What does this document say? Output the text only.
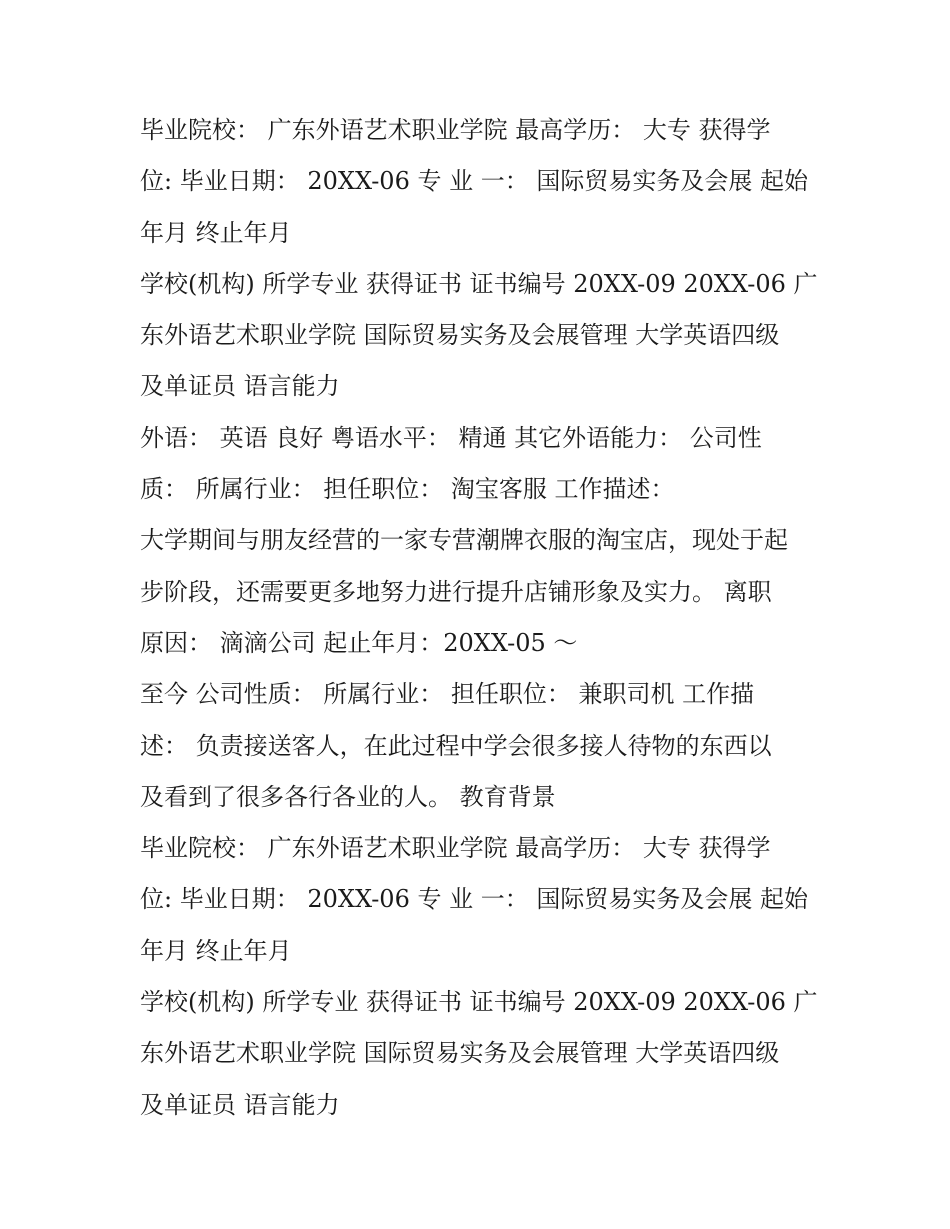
毕业院校： 广东外语艺术职业学院 最高学历： 大专 获得学
位: 毕业日期： 20XX-06 专 业 一： 国际贸易实务及会展 起始
年月 终止年月
学校(机构) 所学专业 获得证书 证书编号 20XX-09 20XX-06 广
东外语艺术职业学院 国际贸易实务及会展管理 大学英语四级
及单证员 语言能力
外语： 英语 良好 粤语水平： 精通 其它外语能力： 公司性
质： 所属行业： 担任职位： 淘宝客服 工作描述：
大学期间与朋友经营的一家专营潮牌衣服的淘宝店，现处于起
步阶段，还需要更多地努力进行提升店铺形象及实力。 离职
原因： 滴滴公司 起止年月：20XX-05 ～
至今 公司性质： 所属行业： 担任职位： 兼职司机 工作描
述： 负责接送客人，在此过程中学会很多接人待物的东西以
及看到了很多各行各业的人。 教育背景
毕业院校： 广东外语艺术职业学院 最高学历： 大专 获得学
位: 毕业日期： 20XX-06 专 业 一： 国际贸易实务及会展 起始
年月 终止年月
学校(机构) 所学专业 获得证书 证书编号 20XX-09 20XX-06 广
东外语艺术职业学院 国际贸易实务及会展管理 大学英语四级
及单证员 语言能力
